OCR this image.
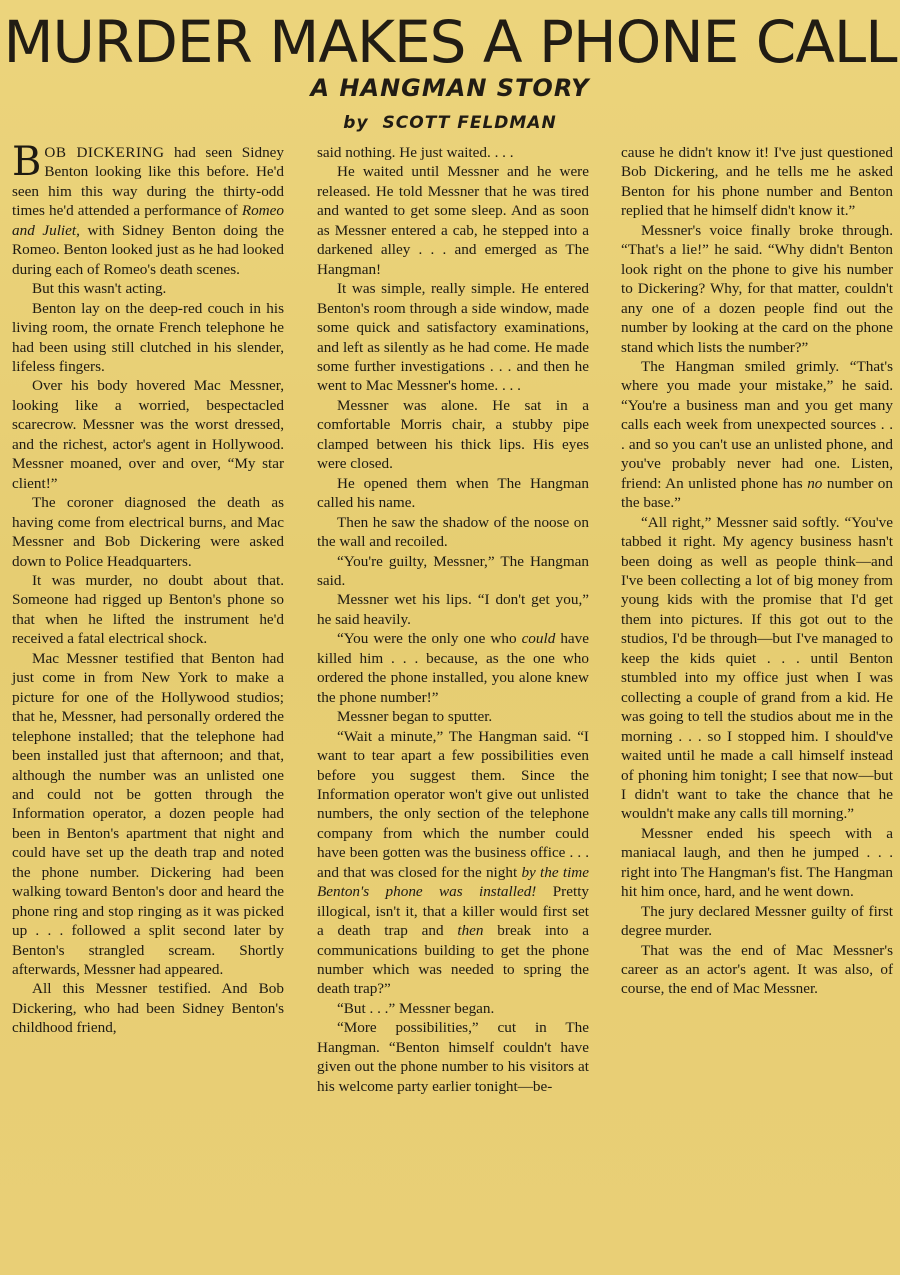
MURDER MAKES A PHONE CALL
A HANGMAN STORY
by SCOTT FELDMAN

BOB DICKERING had seen Sidney Benton looking like this before. He'd seen him this way during the thirty-odd times he'd attended a performance of Romeo and Juliet, with Sidney Benton doing the Romeo. Benton looked just as he had looked during each of Romeo's death scenes.

But this wasn't acting.

Benton lay on the deep-red couch in his living room, the ornate French telephone he had been using still clutched in his slender, lifeless fingers.

Over his body hovered Mac Messner, looking like a worried, bespectacled scarecrow. Messner was the worst dressed, and the richest, actor's agent in Hollywood. Messner moaned, over and over, “My star client!”

The coroner diagnosed the death as having come from electrical burns, and Mac Messner and Bob Dickering were asked down to Police Headquarters.

It was murder, no doubt about that. Someone had rigged up Benton's phone so that when he lifted the instrument he'd received a fatal electrical shock.

Mac Messner testified that Benton had just come in from New York to make a picture for one of the Hollywood studios; that he, Messner, had personally ordered the telephone installed; that the telephone had been installed just that afternoon; and that, although the number was an unlisted one and could not be gotten through the Information operator, a dozen people had been in Benton's apartment that night and could have set up the death trap and noted the phone number. Dickering had been walking toward Benton's door and heard the phone ring and stop ringing as it was picked up . . . followed a split second later by Benton's strangled scream. Shortly afterwards, Messner had appeared.

All this Messner testified. And Bob Dickering, who had been Sidney Benton's childhood friend,

said nothing. He just waited. . . .

He waited until Messner and he were released. He told Messner that he was tired and wanted to get some sleep. And as soon as Messner entered a cab, he stepped into a darkened alley . . . and emerged as The Hangman!

It was simple, really simple. He entered Benton's room through a side window, made some quick and satisfactory examinations, and left as silently as he had come. He made some further investigations . . . and then he went to Mac Messner's home. . . .

Messner was alone. He sat in a comfortable Morris chair, a stubby pipe clamped between his thick lips. His eyes were closed.

He opened them when The Hangman called his name.

Then he saw the shadow of the noose on the wall and recoiled.

“You're guilty, Messner,” The Hangman said.

Messner wet his lips. “I don't get you,” he said heavily.

“You were the only one who could have killed him . . . because, as the one who ordered the phone installed, you alone knew the phone number!”

Messner began to sputter.

“Wait a minute,” The Hangman said. “I want to tear apart a few possibilities even before you suggest them. Since the Information operator won't give out unlisted numbers, the only section of the telephone company from which the number could have been gotten was the business office . . . and that was closed for the night by the time Benton's phone was installed! Pretty illogical, isn't it, that a killer would first set a death trap and then break into a communications building to get the phone number which was needed to spring the death trap?”

“But . . .” Messner began.

“More possibilities,” cut in The Hangman. “Benton himself couldn't have given out the phone number to his visitors at his welcome party earlier tonight—be-

cause he didn't know it! I've just questioned Bob Dickering, and he tells me he asked Benton for his phone number and Benton replied that he himself didn't know it.”

Messner's voice finally broke through. “That's a lie!” he said. “Why didn't Benton look right on the phone to give his number to Dickering? Why, for that matter, couldn't any one of a dozen people find out the number by looking at the card on the phone stand which lists the number?”

The Hangman smiled grimly. “That's where you made your mistake,” he said. “You're a business man and you get many calls each week from unexpected sources . . . and so you can't use an unlisted phone, and you've probably never had one. Listen, friend: An unlisted phone has no number on the base.”

“All right,” Messner said softly. “You've tabbed it right. My agency business hasn't been doing as well as people think—and I've been collecting a lot of big money from young kids with the promise that I'd get them into pictures. If this got out to the studios, I'd be through—but I've managed to keep the kids quiet . . . until Benton stumbled into my office just when I was collecting a couple of grand from a kid. He was going to tell the studios about me in the morning . . . so I stopped him. I should've waited until he made a call himself instead of phoning him tonight; I see that now—but I didn't want to take the chance that he wouldn't make any calls till morning.”

Messner ended his speech with a maniacal laugh, and then he jumped . . . right into The Hangman's fist. The Hangman hit him once, hard, and he went down.

The jury declared Messner guilty of first degree murder.

That was the end of Mac Messner's career as an actor's agent. It was also, of course, the end of Mac Messner.
